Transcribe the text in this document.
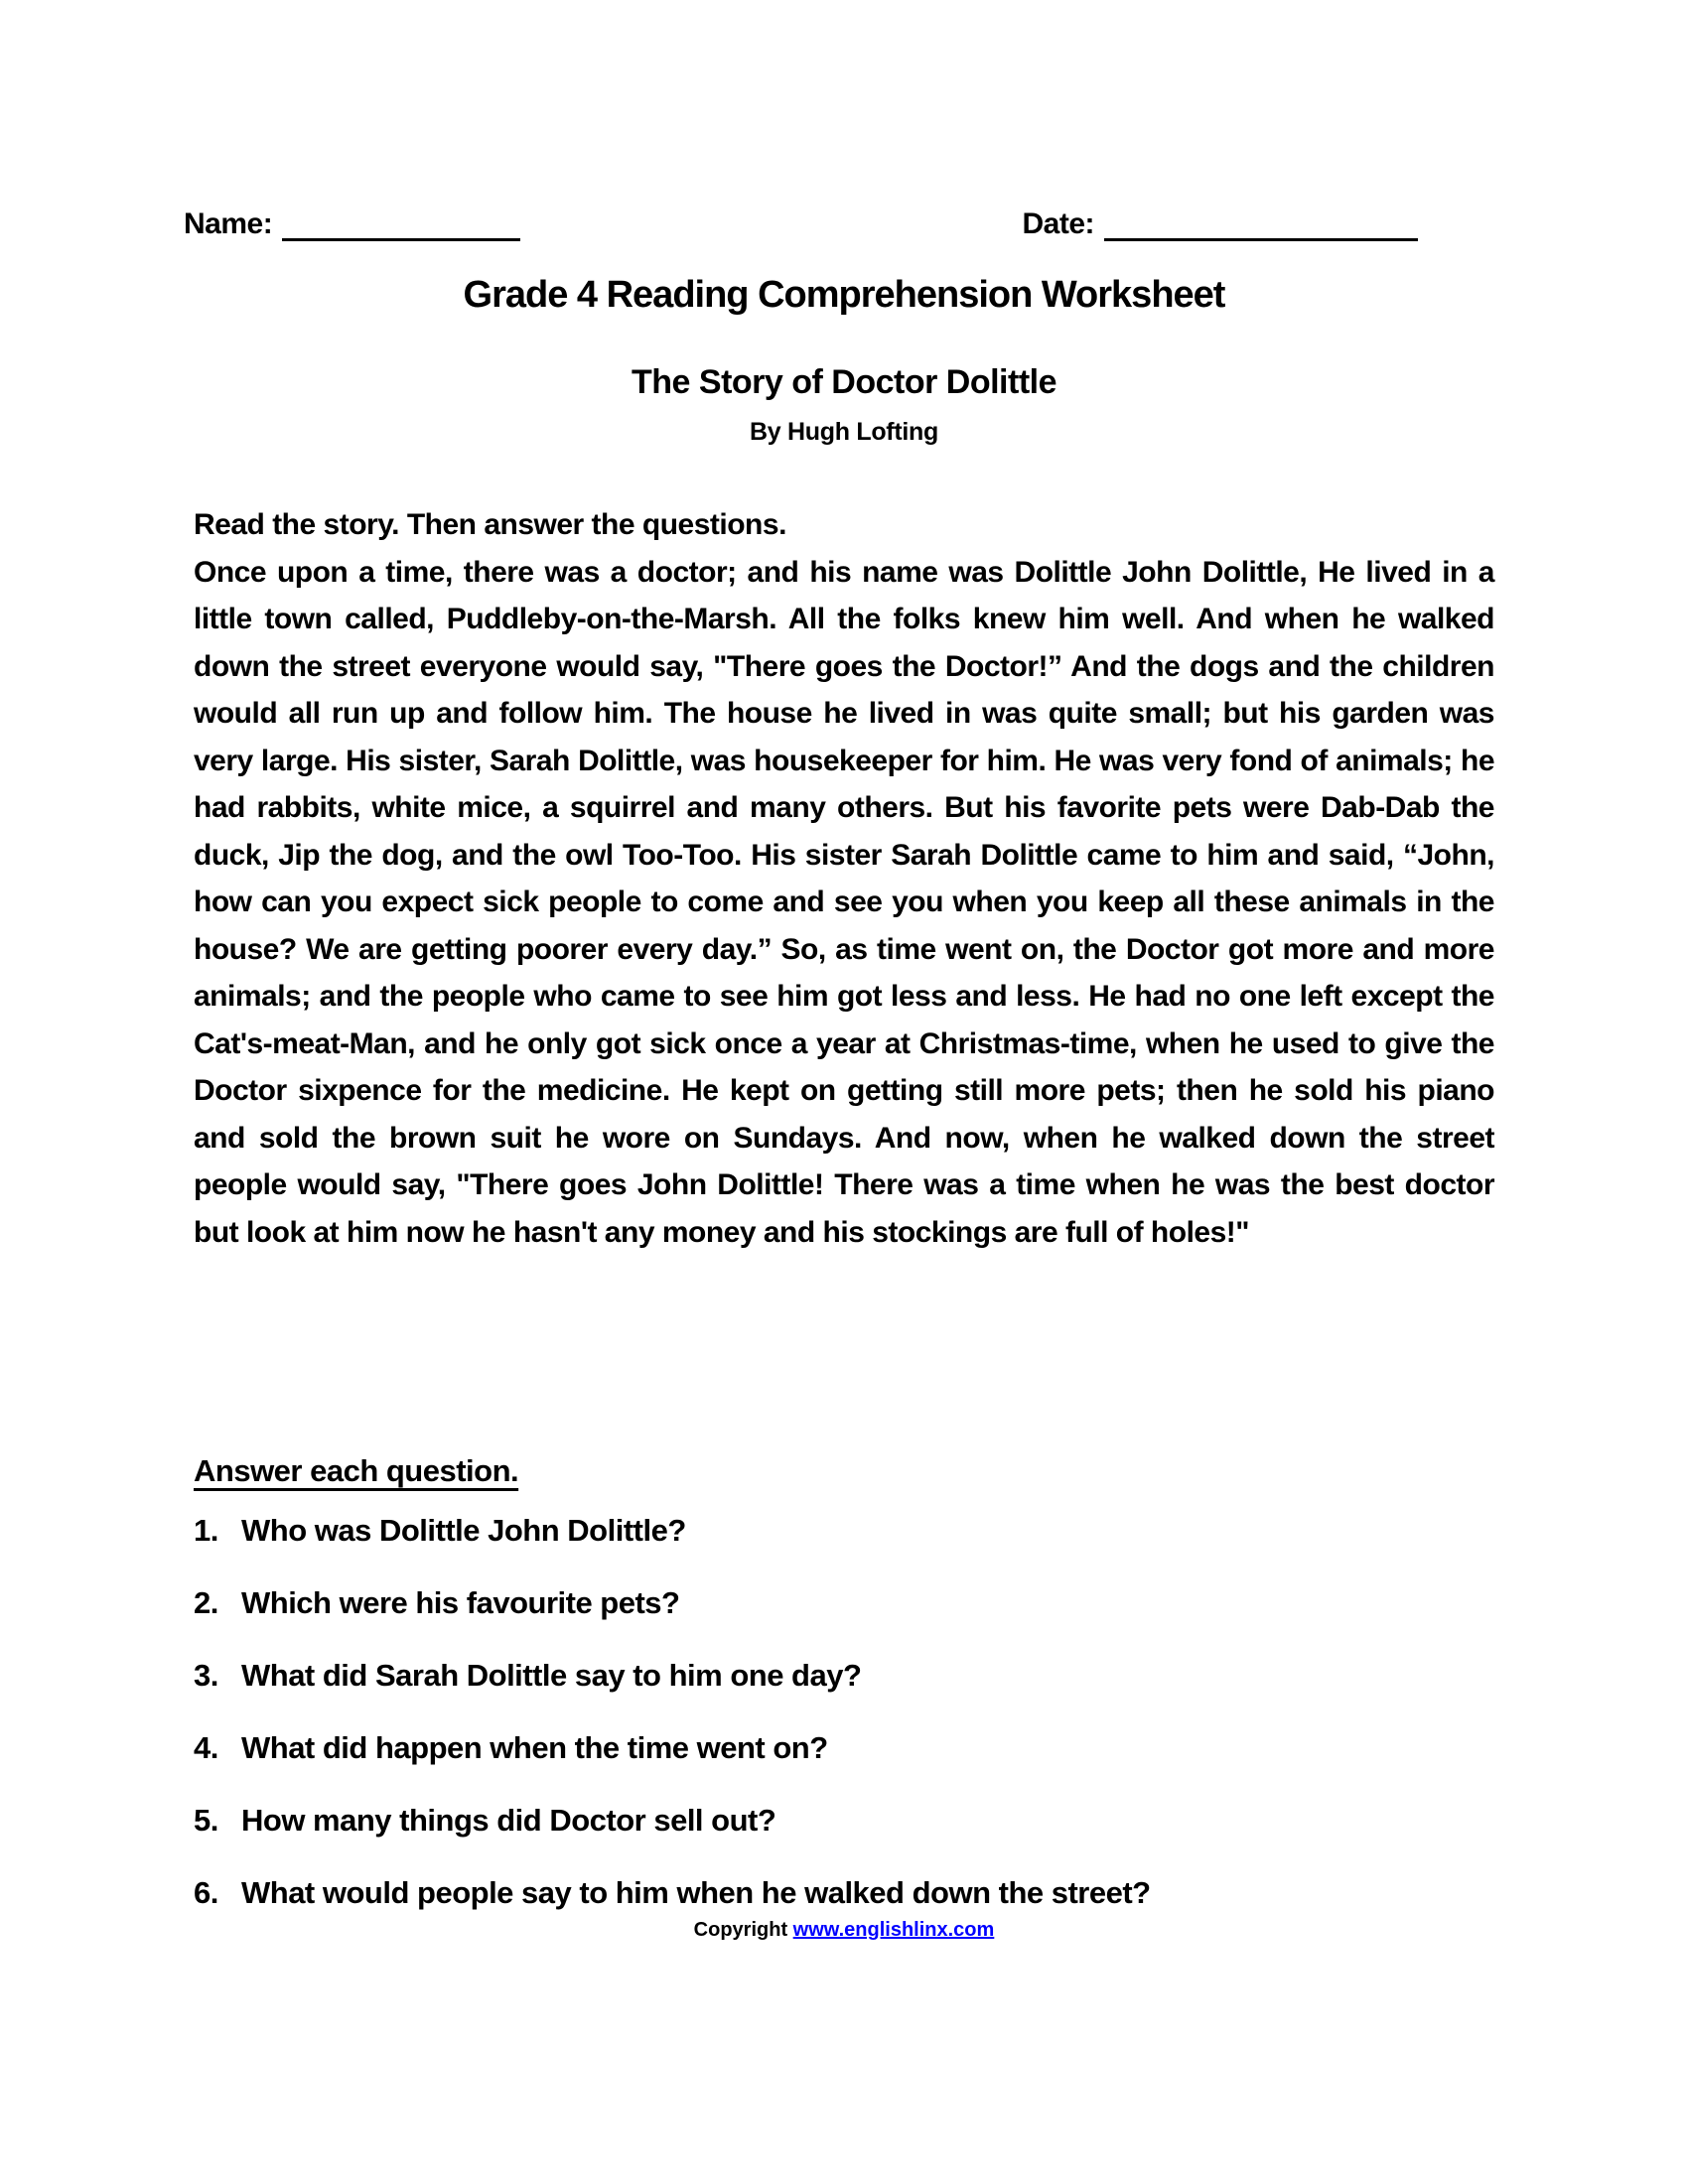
Name:	Date:
Grade 4 Reading Comprehension Worksheet
The Story of Doctor Dolittle
By Hugh Lofting
Read the story. Then answer the questions.
Once upon a time, there was a doctor; and his name was Dolittle John Dolittle, He lived in a little town called, Puddleby-on-the-Marsh. All the folks knew him well. And when he walked down the street everyone would say, "There goes the Doctor!” And the dogs and the children would all run up and follow him. The house he lived in was quite small; but his garden was very large. His sister, Sarah Dolittle, was housekeeper for him. He was very fond of animals; he had rabbits, white mice, a squirrel and many others. But his favorite pets were Dab-Dab the duck, Jip the dog, and the owl Too-Too. His sister Sarah Dolittle came to him and said, “John, how can you expect sick people to come and see you when you keep all these animals in the house? We are getting poorer every day.” So, as time went on, the Doctor got more and more animals; and the people who came to see him got less and less. He had no one left except the Cat's-meat-Man, and he only got sick once a year at Christmas-time, when he used to give the Doctor sixpence for the medicine. He kept on getting still more pets; then he sold his piano and sold the brown suit he wore on Sundays. And now, when he walked down the street people would say, "There goes John Dolittle! There was a time when he was the best doctor but look at him now he hasn't any money and his stockings are full of holes!"
Answer each question.
1. Who was Dolittle John Dolittle?
2. Which were his favourite pets?
3. What did Sarah Dolittle say to him one day?
4. What did happen when the time went on?
5. How many things did Doctor sell out?
6. What would people say to him when he walked down the street?
Copyright www.englishlinx.com
